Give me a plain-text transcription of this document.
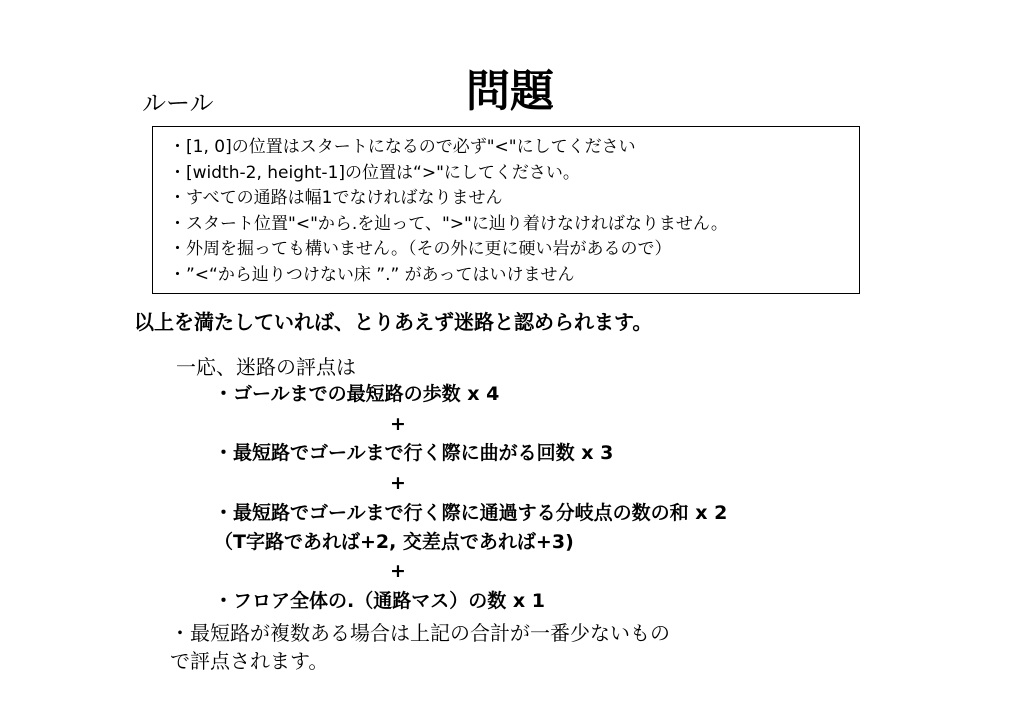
問題
ルール
・[1, 0]の位置はスタートになるので必ず"<"にしてください
・[width-2, height-1]の位置は“>"にしてください。
・すべての通路は幅1でなければなりません
・スタート位置"<"から.を辿って、">"に辿り着けなければなりません。
・外周を掘っても構いません。（その外に更に硬い岩があるので）
・”<“から辿りつけない床 ”.” があってはいけません
以上を満たしていれば、とりあえず迷路と認められます。
一応、迷路の評点は
・ゴールまでの最短路の歩数 x 4
+
・最短路でゴールまで行く際に曲がる回数 x 3
+
・最短路でゴールまで行く際に通過する分岐点の数の和 x 2
（T字路であれば+2, 交差点であれば+3)
+
・フロア全体の.（通路マス）の数 x 1
・最短路が複数ある場合は上記の合計が一番少ないもの
で評点されます。
